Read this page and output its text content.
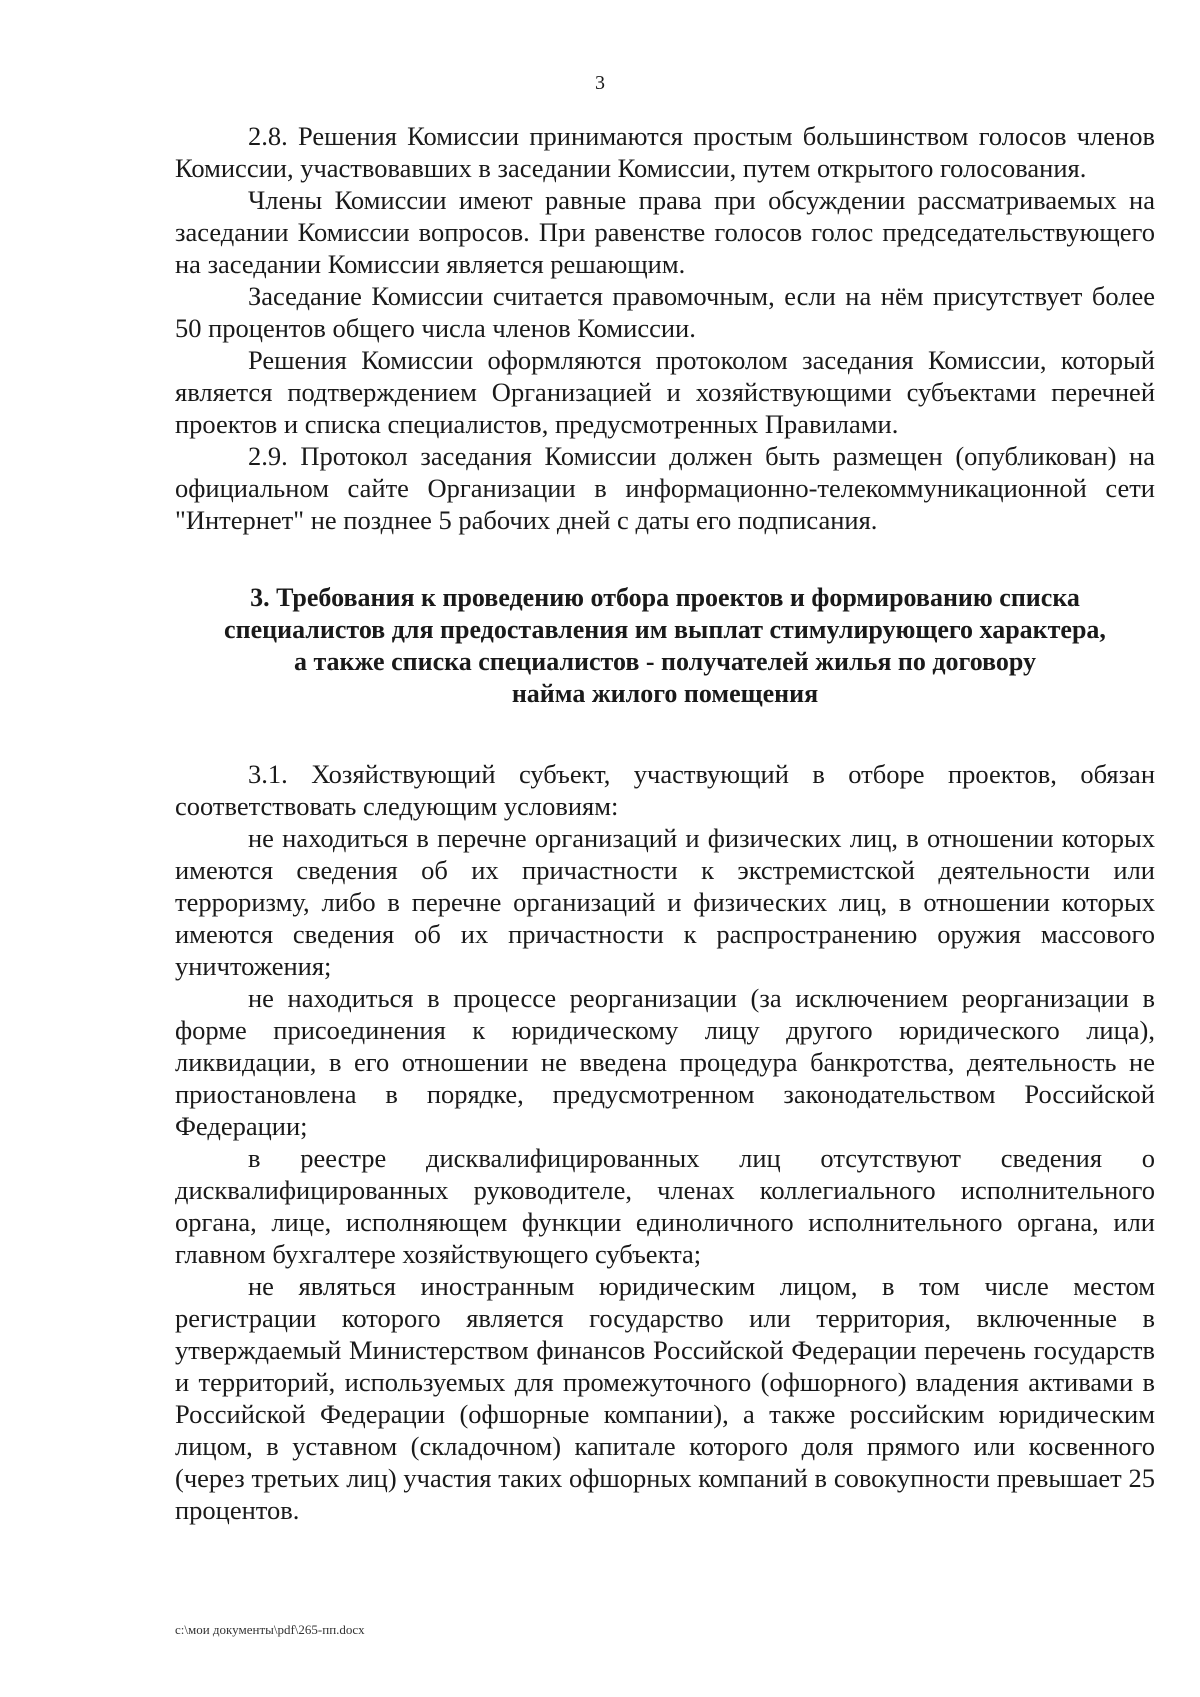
3

2.8. Решения Комиссии принимаются простым большинством голосов членов Комиссии, участвовавших в заседании Комиссии, путем открытого голосования.

Члены Комиссии имеют равные права при обсуждении рассматриваемых на заседании Комиссии вопросов. При равенстве голосов голос председательствующего на заседании Комиссии является решающим.

Заседание Комиссии считается правомочным, если на нём присутствует более 50 процентов общего числа членов Комиссии.

Решения Комиссии оформляются протоколом заседания Комиссии, который является подтверждением Организацией и хозяйствующими субъектами перечней проектов и списка специалистов, предусмотренных Правилами.

2.9. Протокол заседания Комиссии должен быть размещен (опубликован) на официальном сайте Организации в информационно-телекоммуникационной сети "Интернет" не позднее 5 рабочих дней с даты его подписания.

3. Требования к проведению отбора проектов и формированию списка
специалистов для предоставления им выплат стимулирующего характера,
а также списка специалистов - получателей жилья по договору
найма жилого помещения

3.1. Хозяйствующий субъект, участвующий в отборе проектов, обязан соответствовать следующим условиям:

не находиться в перечне организаций и физических лиц, в отношении которых имеются сведения об их причастности к экстремистской деятельности или терроризму, либо в перечне организаций и физических лиц, в отношении которых имеются сведения об их причастности к распространению оружия массового уничтожения;

не находиться в процессе реорганизации (за исключением реорганизации в форме присоединения к юридическому лицу другого юридического лица), ликвидации, в его отношении не введена процедура банкротства, деятельность не приостановлена в порядке, предусмотренном законодательством Российской Федерации;

в реестре дисквалифицированных лиц отсутствуют сведения о дисквалифицированных руководителе, членах коллегиального исполнительного органа, лице, исполняющем функции единоличного исполнительного органа, или главном бухгалтере хозяйствующего субъекта;

не являться иностранным юридическим лицом, в том числе местом регистрации которого является государство или территория, включенные в утверждаемый Министерством финансов Российской Федерации перечень государств и территорий, используемых для промежуточного (офшорного) владения активами в Российской Федерации (офшорные компании), а также российским юридическим лицом, в уставном (складочном) капитале которого доля прямого или косвенного (через третьих лиц) участия таких офшорных компаний в совокупности превышает 25 процентов.

c:\мои документы\pdf\265-пп.docx
